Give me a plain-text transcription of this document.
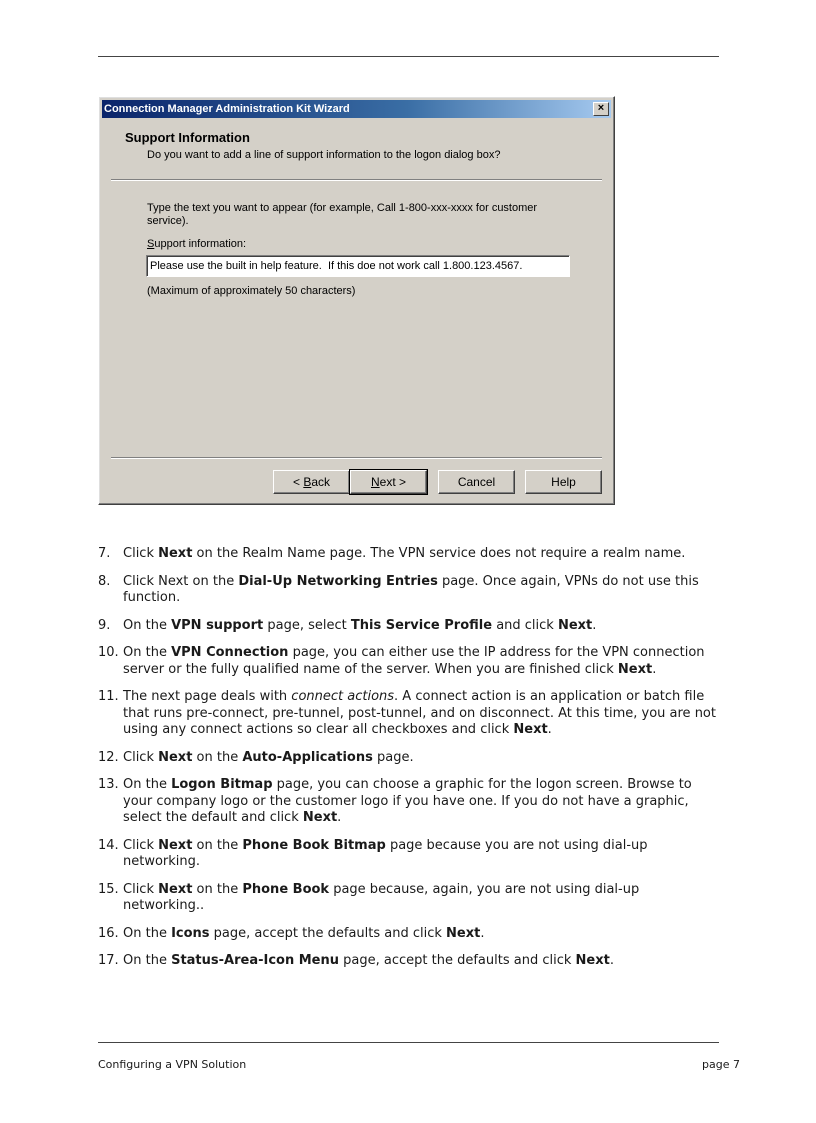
Connection Manager Administration Kit Wizard	×
Support Information
Do you want to add a line of support information to the logon dialog box?
Type the text you want to appear (for example, Call 1-800-xxx-xxxx for customer service).
Support information:
Please use the built in help feature. If this doe not work call 1.800.123.4567.
(Maximum of approximately 50 characters)
< Back	Next >	Cancel	Help
7. Click Next on the Realm Name page. The VPN service does not require a realm name.
8. Click Next on the Dial-Up Networking Entries page. Once again, VPNs do not use this function.
9. On the VPN support page, select This Service Profile and click Next.
10. On the VPN Connection page, you can either use the IP address for the VPN connection server or the fully qualified name of the server. When you are finished click Next.
11. The next page deals with connect actions. A connect action is an application or batch file that runs pre-connect, pre-tunnel, post-tunnel, and on disconnect. At this time, you are not using any connect actions so clear all checkboxes and click Next.
12. Click Next on the Auto-Applications page.
13. On the Logon Bitmap page, you can choose a graphic for the logon screen. Browse to your company logo or the customer logo if you have one. If you do not have a graphic, select the default and click Next.
14. Click Next on the Phone Book Bitmap page because you are not using dial-up networking.
15. Click Next on the Phone Book page because, again, you are not using dial-up networking..
16. On the Icons page, accept the defaults and click Next.
17. On the Status-Area-Icon Menu page, accept the defaults and click Next.
Configuring a VPN Solution	page 7
